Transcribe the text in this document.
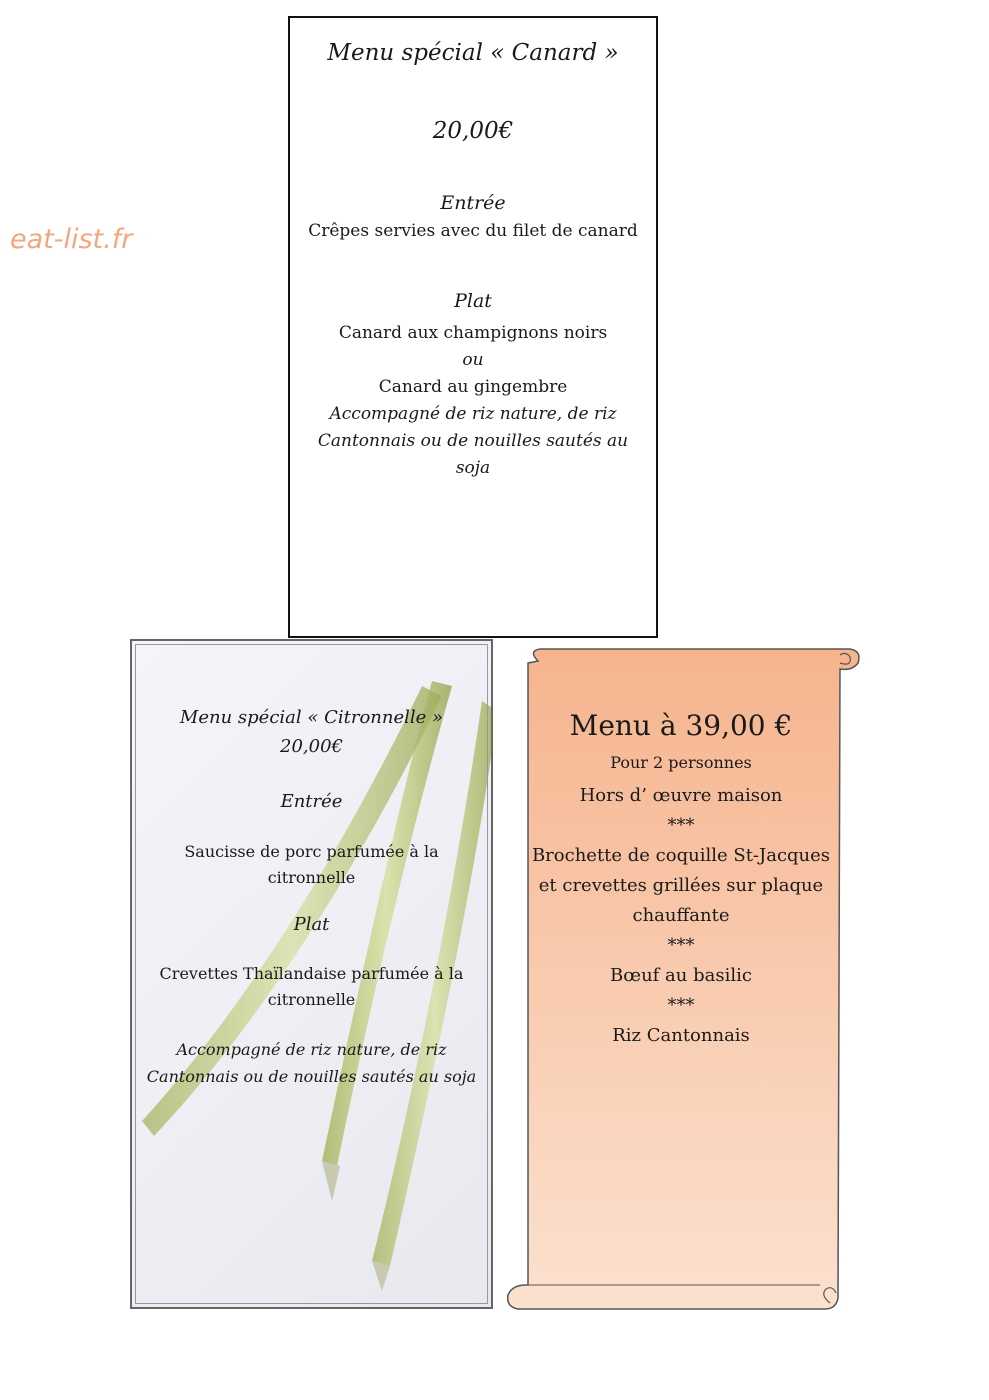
eat-list.fr
Menu spécial « Canard »
20,00€
Entrée
Crêpes servies avec du filet de canard
Plat
Canard aux champignons noirs
ou
Canard au gingembre
Accompagné de riz nature, de riz Cantonnais ou de nouilles sautés au soja
Menu spécial « Citronnelle »
20,00€
Entrée
Saucisse de porc parfumée à la citronnelle
Plat
Crevettes Thaïlandaise parfumée à la citronnelle
Accompagné de riz nature, de riz Cantonnais ou de nouilles sautés au soja
Menu à 39,00 €
Pour 2 personnes
Hors d’ œuvre maison
***
Brochette de coquille St-Jacques
et crevettes grillées sur plaque chauffante
***
Bœuf au basilic
***
Riz Cantonnais
